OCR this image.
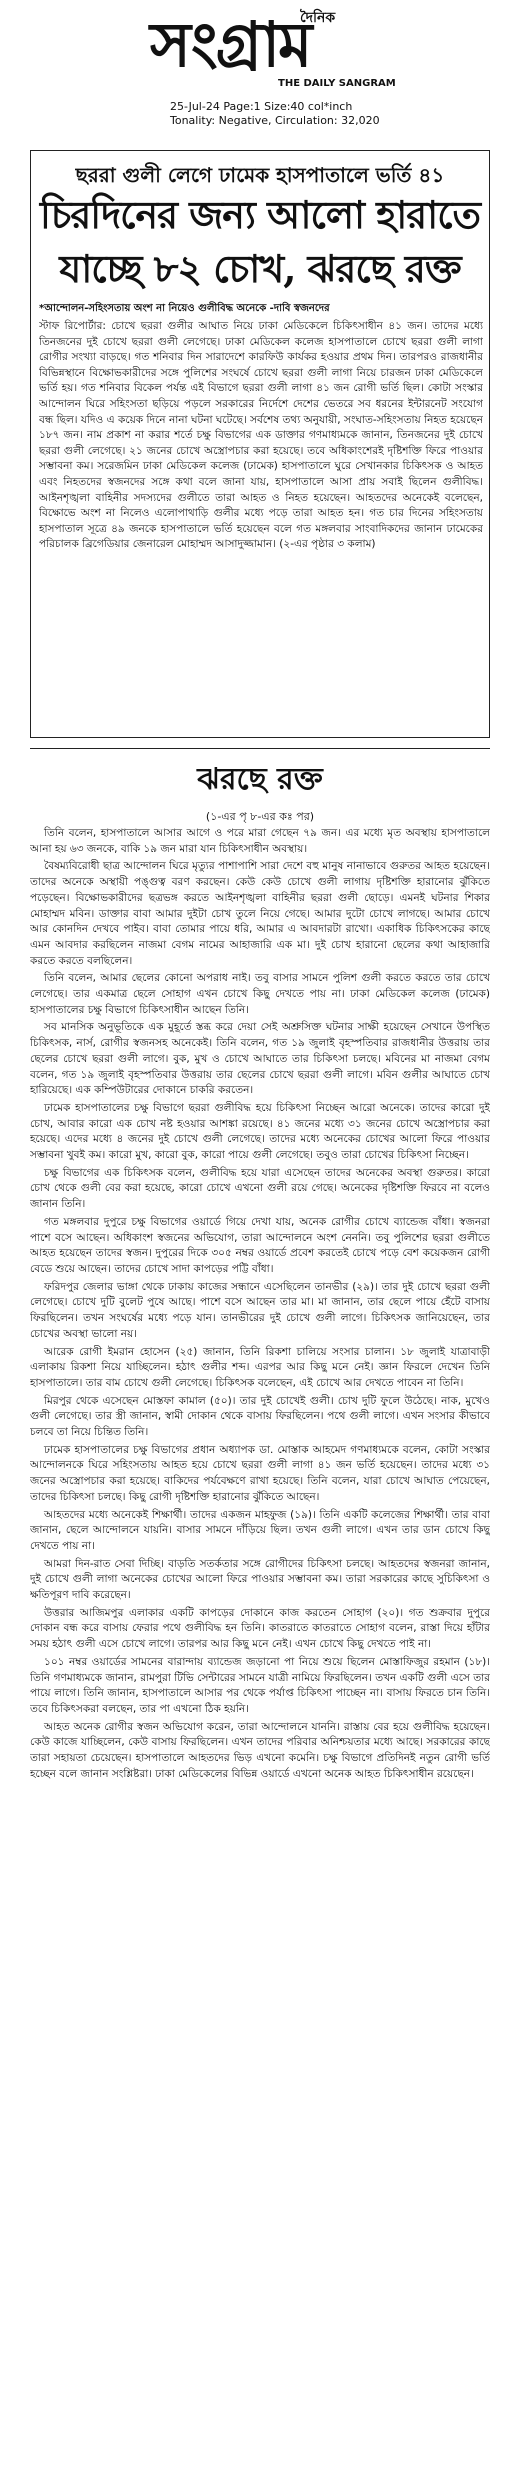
দৈনিক
সংগ্রাম
THE DAILY SANGRAM
25-Jul-24 Page:1 Size:40 col*inch
Tonality: Negative, Circulation: 32,020
ছররা গুলী লেগে ঢামেক হাসপাতালে ভর্তি ৪১
চিরদিনের জন্য আলো হারাতে
যাচ্ছে ৮২ চোখ, ঝরছে রক্ত
*আন্দোলন-সহিংসতায় অংশ না নিয়েও গুলীবিদ্ধ অনেকে -দাবি স্বজনদের
স্টাফ রিপোর্টার: চোখে ছররা গুলীর আঘাত নিয়ে ঢাকা মেডিকেলে চিকিৎসাধীন ৪১ জন। তাদের মধ্যে তিনজনের দুই চোখে ছররা গুলী লেগেছে। ঢাকা মেডিকেল কলেজ হাসপাতালে চোখে ছররা গুলী লাগা রোগীর সংখ্যা বাড়ছে। গত শনিবার দিন সারাদেশে কারফিউ কার্যকর হওয়ার প্রথম দিন। তারপরও রাজধানীর বিভিন্নস্থানে বিক্ষোভকারীদের সঙ্গে পুলিশের সংঘর্ষে চোখে ছররা গুলী লাগা নিয়ে চারজন ঢাকা মেডিকেলে ভর্তি হয়। গত শনিবার বিকেল পর্যন্ত এই বিভাগে ছররা গুলী লাগা ৪১ জন রোগী ভর্তি ছিল। কোটা সংস্কার আন্দোলন ঘিরে সহিংসতা ছড়িয়ে পড়লে সরকারের নির্দেশে দেশের ভেতরে সব ধরনের ইন্টারনেট সংযোগ বন্ধ ছিল। যদিও এ কয়েক দিনে নানা ঘটনা ঘটেছে। সর্বশেষ তথ্য অনুযায়ী, সংঘাত-সহিংসতায় নিহত হয়েছেন ১৮৭ জন। নাম প্রকাশ না করার শর্তে চক্ষু বিভাগের এক ডাক্তার গণমাধ্যমকে জানান, তিনজনের দুই চোখে ছররা গুলী লেগেছে। ২১ জনের চোখে অস্ত্রোপচার করা হয়েছে। তবে অধিকাংশেরই দৃষ্টিশক্তি ফিরে পাওয়ার সম্ভাবনা কম। সরেজমিন ঢাকা মেডিকেল কলেজ (ঢামেক) হাসপাতালে ঘুরে সেখানকার চিকিৎসক ও আহত এবং নিহতদের স্বজনদের সঙ্গে কথা বলে জানা যায়, হাসপাতালে আসা প্রায় সবাই ছিলেন গুলীবিদ্ধ। আইনশৃঙ্খলা বাহিনীর সদস্যদের গুলীতে তারা আহত ও নিহত হয়েছেন। আহতদের অনেকেই বলেছেন, বিক্ষোভে অংশ না নিলেও এলোপাথাড়ি গুলীর মধ্যে পড়ে তারা আহত হন। গত চার দিনের সহিংসতায় হাসপাতাল সূত্রে ৪৯ জনকে হাসপাতালে ভর্তি হয়েছেন বলে গত মঙ্গলবার সাংবাদিকদের জানান ঢামেকের পরিচালক ব্রিগেডিয়ার জেনারেল মোহাম্মদ আসাদুজ্জামান। (২-এর পৃষ্ঠার ৩ কলাম)
ঝরছে রক্ত
(১-এর পৃ ৮-এর কঃ পর)

তিনি বলেন, হাসপাতালে আসার আগে ও পরে মারা গেছেন ৭৯ জন। এর মধ্যে মৃত অবস্থায় হাসপাতালে আনা হয় ৬৩ জনকে, বাকি ১৯ জন মারা যান চিকিৎসাধীন অবস্থায়।

বৈষম্যবিরোধী ছাত্র আন্দোলন ঘিরে মৃত্যুর পাশাপাশি সারা দেশে বহু মানুষ নানাভাবে গুরুতর আহত হয়েছেন। তাদের অনেকে অস্থায়ী পঙ্গুত্ব বরণ করছেন। কেউ কেউ চোখে গুলী লাগায় দৃষ্টিশক্তি হারানোর ঝুঁকিতে পড়েছেন। বিক্ষোভকারীদের ছত্রভঙ্গ করতে আইনশৃঙ্খলা বাহিনীর ছররা গুলী ছোড়ে। এমনই ঘটনার শিকার মোহাম্মদ মবিন। ডাক্তার বাবা আমার দুইটা চোখ তুলে নিয়ে গেছে। আমার দুটো চোখে লাগছে। আমার চোখে আর কোনদিন দেখবে পাইব। বাবা তোমার পায়ে ধরি, আমার এ আবদারটা রাখো। একাধিক চিকিৎসকের কাছে এমন আবদার করছিলেন নাজমা বেগম নামের আহাজারি এক মা। দুই চোখ হারানো ছেলের কথা আহাজারি করতে করতে বলছিলেন।

তিনি বলেন, আমার ছেলের কোনো অপরাধ নাই। তবু বাসার সামনে পুলিশ গুলী করতে করতে তার চোখে লেগেছে। তার একমাত্র ছেলে সোহাগ এখন চোখে কিছু দেখতে পায় না। ঢাকা মেডিকেল কলেজ (ঢামেক) হাসপাতালের চক্ষু বিভাগে চিকিৎসাধীন আছেন তিনি।

সব মানসিক অনুভূতিকে এক মুহূর্তে স্তব্ধ করে দেয়া সেই অশ্রুসিক্ত ঘটনার সাক্ষী হয়েছেন সেখানে উপস্থিত চিকিৎসক, নার্স, রোগীর স্বজনসহ অনেকেই। তিনি বলেন, গত ১৯ জুলাই বৃহস্পতিবার রাজধানীর উত্তরায় তার ছেলের চোখে ছররা গুলী লাগে। বুক, মুখ ও চোখে আঘাতে তার চিকিৎসা চলছে। মবিনের মা নাজমা বেগম বলেন, গত ১৯ জুলাই বৃহস্পতিবার উত্তরায় তার ছেলের চোখে ছররা গুলী লাগে। মবিন গুলীর আঘাতে চোখ হারিয়েছে। এক কম্পিউটারের দোকানে চাকরি করতেন।

ঢামেক হাসপাতালের চক্ষু বিভাগে ছররা গুলীবিদ্ধ হয়ে চিকিৎসা নিচ্ছেন আরো অনেকে। তাদের কারো দুই চোখ, আবার কারো এক চোখ নষ্ট হওয়ার আশঙ্কা রয়েছে। ৪১ জনের মধ্যে ৩১ জনের চোখে অস্ত্রোপচার করা হয়েছে। এদের মধ্যে ৪ জনের দুই চোখে গুলী লেগেছে। তাদের মধ্যে অনেকের চোখের আলো ফিরে পাওয়ার সম্ভাবনা খুবই কম। কারো মুখ, কারো বুক, কারো পায়ে গুলী লেগেছে। তবুও তারা চোখের চিকিৎসা নিচ্ছেন।

চক্ষু বিভাগের এক চিকিৎসক বলেন, গুলীবিদ্ধ হয়ে যারা এসেছেন তাদের অনেকের অবস্থা গুরুতর। কারো চোখ থেকে গুলী বের করা হয়েছে, কারো চোখে এখনো গুলী রয়ে গেছে। অনেকের দৃষ্টিশক্তি ফিরবে না বলেও জানান তিনি।

গত মঙ্গলবার দুপুরে চক্ষু বিভাগের ওয়ার্ডে গিয়ে দেখা যায়, অনেক রোগীর চোখে ব্যান্ডেজ বাঁধা। স্বজনরা পাশে বসে আছেন। অধিকাংশ স্বজনের অভিযোগ, তারা আন্দোলনে অংশ নেননি। তবু পুলিশের ছররা গুলীতে আহত হয়েছেন তাদের স্বজন। দুপুরের দিকে ৩০৫ নম্বর ওয়ার্ডে প্রবেশ করতেই চোখে পড়ে বেশ কয়েকজন রোগী বেডে শুয়ে আছেন। তাদের চোখে সাদা কাপড়ের পট্টি বাঁধা।

ফরিদপুর জেলার ভাঙ্গা থেকে ঢাকায় কাজের সন্ধানে এসেছিলেন তানভীর (২৯)। তার দুই চোখে ছররা গুলী লেগেছে। চোখে দুটি বুলেট পুষে আছে। পাশে বসে আছেন তার মা। মা জানান, তার ছেলে পায়ে হেঁটে বাসায় ফিরছিলেন। তখন সংঘর্ষের মধ্যে পড়ে যান। তানভীরের দুই চোখে গুলী লাগে। চিকিৎসক জানিয়েছেন, তার চোখের অবস্থা ভালো নয়।

আরেক রোগী ইমরান হোসেন (২৫) জানান, তিনি রিকশা চালিয়ে সংসার চালান। ১৮ জুলাই যাত্রাবাড়ী এলাকায় রিকশা নিয়ে যাচ্ছিলেন। হঠাৎ গুলীর শব্দ। এরপর আর কিছু মনে নেই। জ্ঞান ফিরলে দেখেন তিনি হাসপাতালে। তার বাম চোখে গুলী লেগেছে। চিকিৎসক বলেছেন, এই চোখে আর দেখতে পাবেন না তিনি।

মিরপুর থেকে এসেছেন মোস্তফা কামাল (৫০)। তার দুই চোখেই গুলী। চোখ দুটি ফুলে উঠেছে। নাক, মুখেও গুলী লেগেছে। তার স্ত্রী জানান, স্বামী দোকান থেকে বাসায় ফিরছিলেন। পথে গুলী লাগে। এখন সংসার কীভাবে চলবে তা নিয়ে চিন্তিত তিনি।

ঢামেক হাসপাতালের চক্ষু বিভাগের প্রধান অধ্যাপক ডা. মোস্তাক আহমেদ গণমাধ্যমকে বলেন, কোটা সংস্কার আন্দোলনকে ঘিরে সহিংসতায় আহত হয়ে চোখে ছররা গুলী লাগা ৪১ জন ভর্তি হয়েছেন। তাদের মধ্যে ৩১ জনের অস্ত্রোপচার করা হয়েছে। বাকিদের পর্যবেক্ষণে রাখা হয়েছে। তিনি বলেন, যারা চোখে আঘাত পেয়েছেন, তাদের চিকিৎসা চলছে। কিছু রোগী দৃষ্টিশক্তি হারানোর ঝুঁকিতে আছেন।

আহতদের মধ্যে অনেকেই শিক্ষার্থী। তাদের একজন মাহফুজ (১৯)। তিনি একটি কলেজের শিক্ষার্থী। তার বাবা জানান, ছেলে আন্দোলনে যায়নি। বাসার সামনে দাঁড়িয়ে ছিল। তখন গুলী লাগে। এখন তার ডান চোখে কিছু দেখতে পায় না।

আমরা দিন-রাত সেবা দিচ্ছি। বাড়তি সতর্কতার সঙ্গে রোগীদের চিকিৎসা চলছে। আহতদের স্বজনরা জানান, দুই চোখে গুলী লাগা অনেকের চোখের আলো ফিরে পাওয়ার সম্ভাবনা কম। তারা সরকারের কাছে সুচিকিৎসা ও ক্ষতিপূরণ দাবি করেছেন।

উত্তরার আজিমপুর এলাকার একটি কাপড়ের দোকানে কাজ করতেন সোহাগ (২০)। গত শুক্রবার দুপুরে দোকান বন্ধ করে বাসায় ফেরার পথে গুলীবিদ্ধ হন তিনি। কাতরাতে কাতরাতে সোহাগ বলেন, রাস্তা দিয়ে হাঁটার সময় হঠাৎ গুলী এসে চোখে লাগে। তারপর আর কিছু মনে নেই। এখন চোখে কিছু দেখতে পাই না।

১০১ নম্বর ওয়ার্ডের সামনের বারান্দায় ব্যান্ডেজ জড়ানো পা নিয়ে শুয়ে ছিলেন মোস্তাফিজুর রহমান (১৮)। তিনি গণমাধ্যমকে জানান, রামপুরা টিভি সেন্টারের সামনে যাত্রী নামিয়ে ফিরছিলেন। তখন একটি গুলী এসে তার পায়ে লাগে। তিনি জানান, হাসপাতালে আসার পর থেকে পর্যাপ্ত চিকিৎসা পাচ্ছেন না। বাসায় ফিরতে চান তিনি। তবে চিকিৎসকরা বলছেন, তার পা এখনো ঠিক হয়নি।

আহত অনেক রোগীর স্বজন অভিযোগ করেন, তারা আন্দোলনে যাননি। রাস্তায় বের হয়ে গুলীবিদ্ধ হয়েছেন। কেউ কাজে যাচ্ছিলেন, কেউ বাসায় ফিরছিলেন। এখন তাদের পরিবার অনিশ্চয়তার মধ্যে আছে। সরকারের কাছে তারা সহায়তা চেয়েছেন। হাসপাতালে আহতদের ভিড় এখনো কমেনি। চক্ষু বিভাগে প্রতিদিনই নতুন রোগী ভর্তি হচ্ছেন বলে জানান সংশ্লিষ্টরা। ঢাকা মেডিকেলের বিভিন্ন ওয়ার্ডে এখনো অনেক আহত চিকিৎসাধীন রয়েছেন।
